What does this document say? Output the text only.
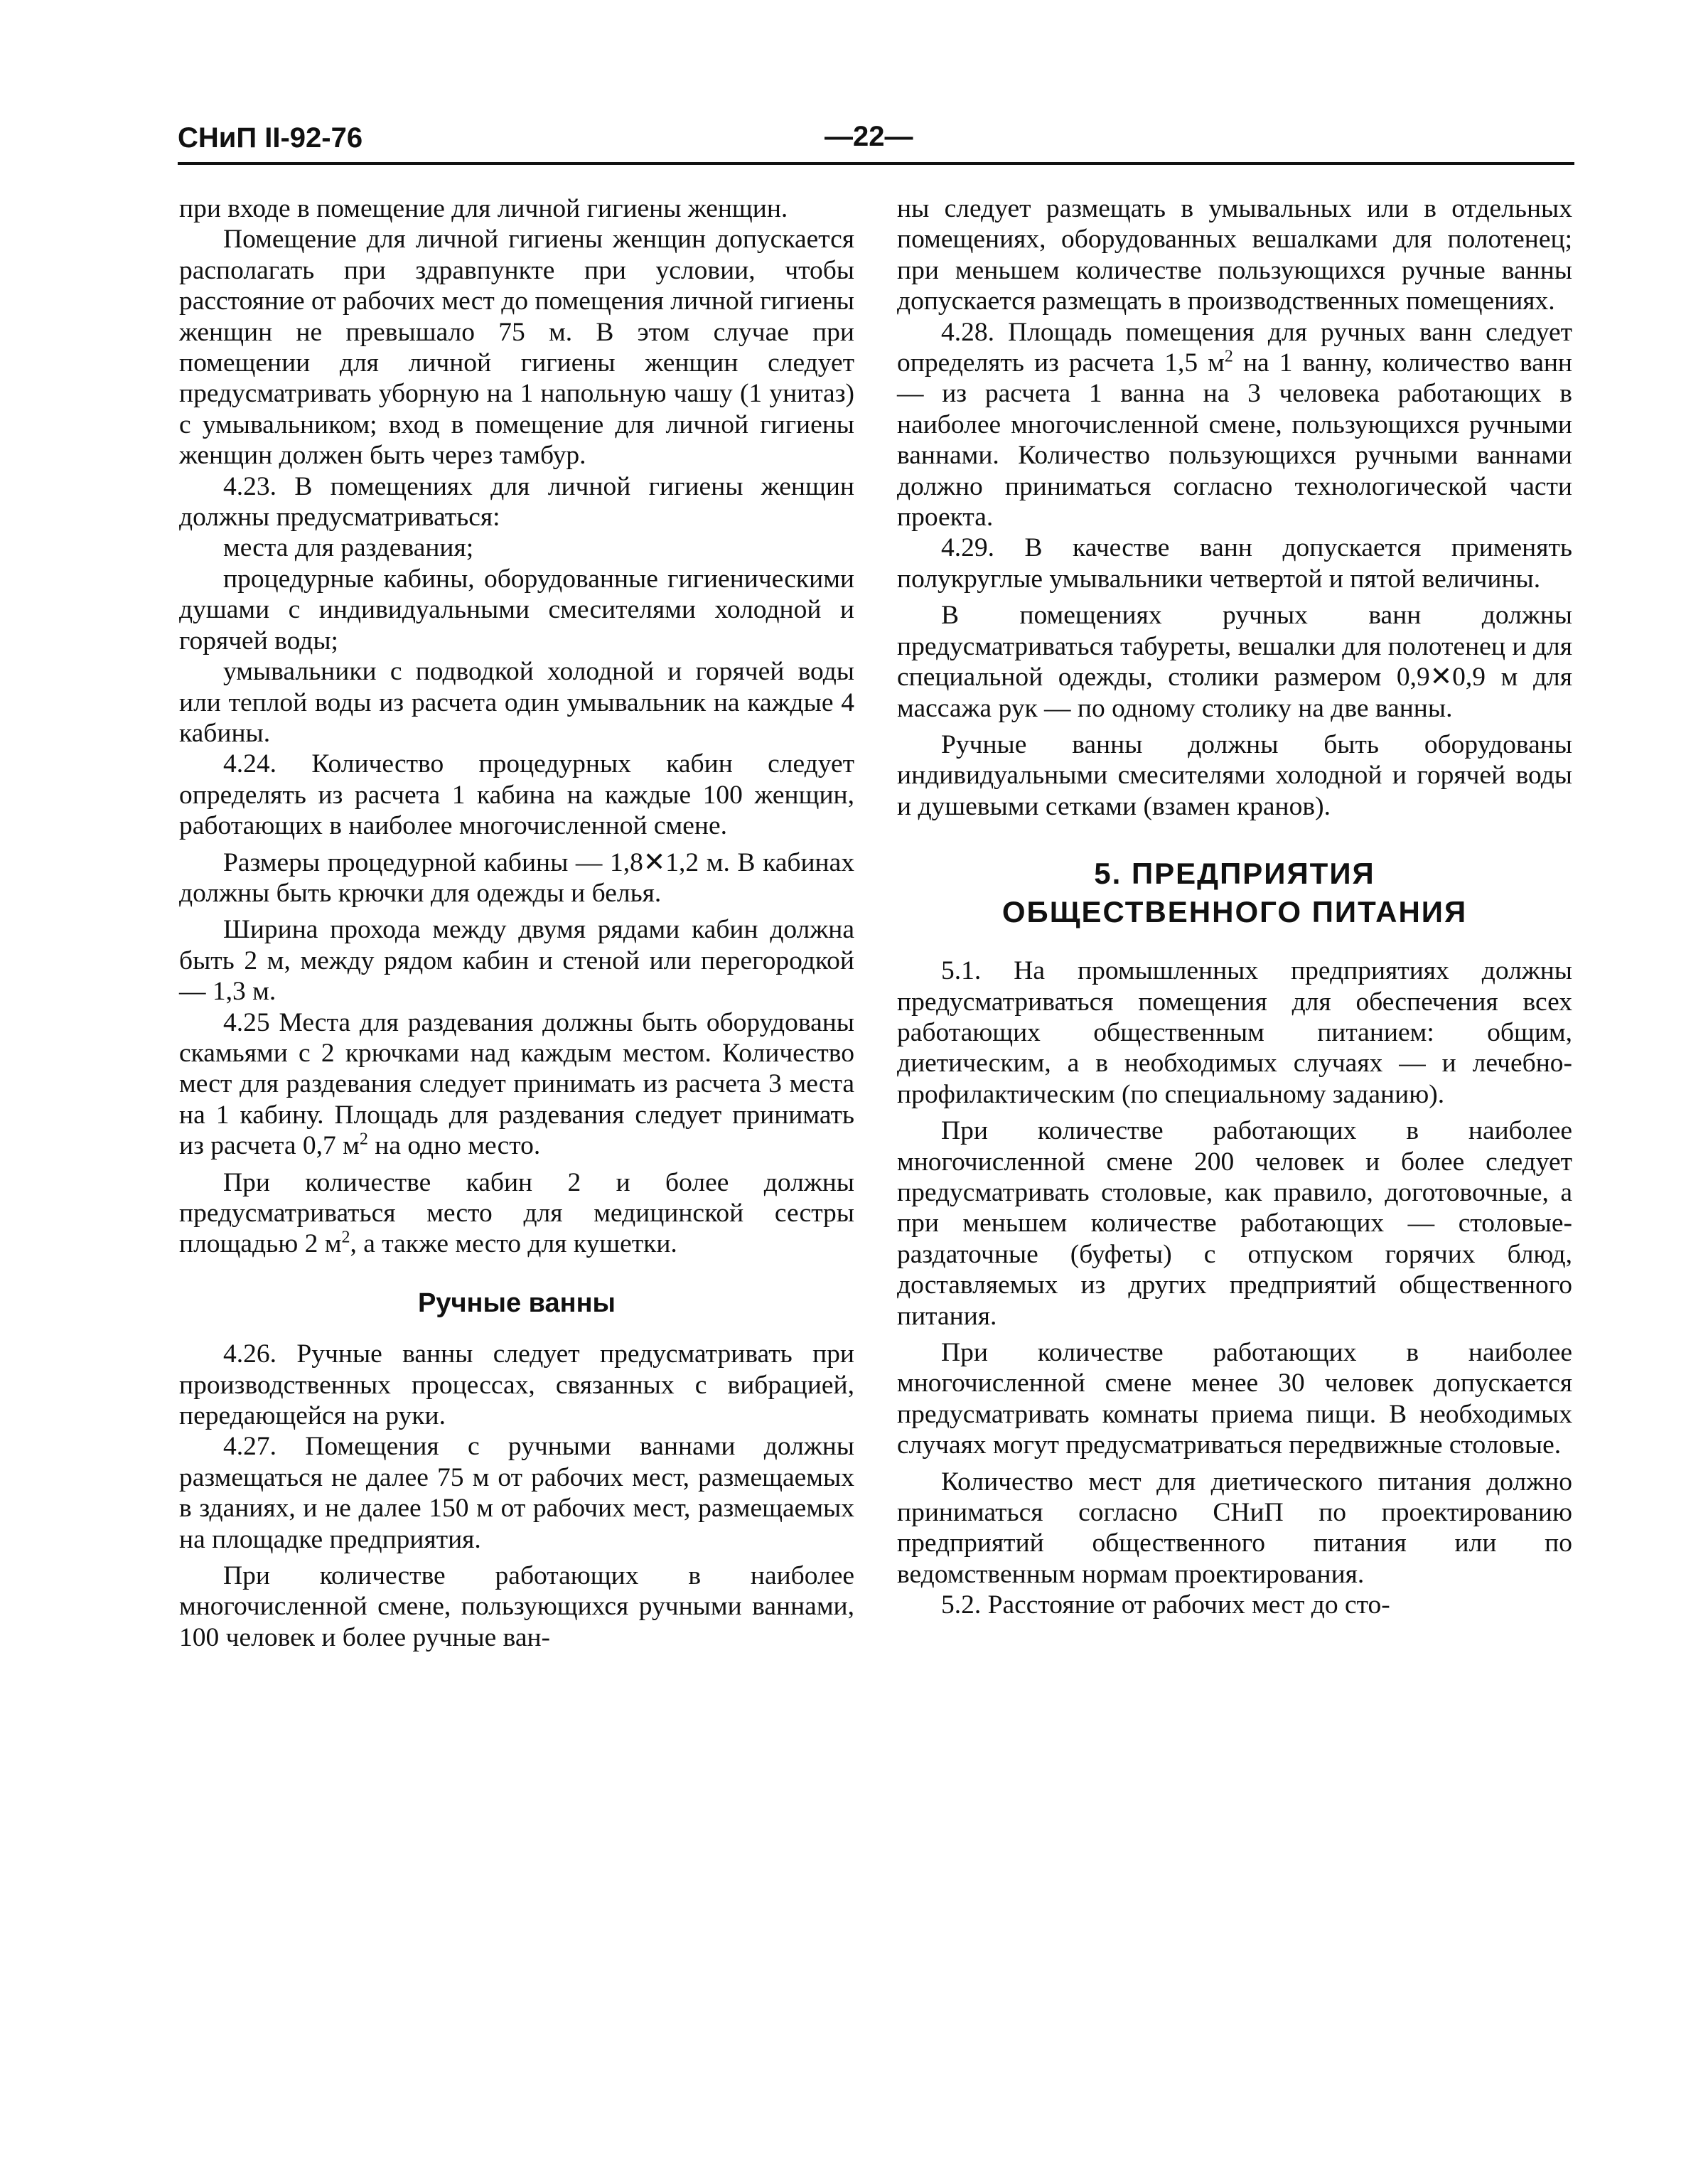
СНиП II-92-76	—22—

при входе в помещение для личной гигиены женщин.

Помещение для личной гигиены женщин допускается располагать при здравпункте при условии, чтобы расстояние от рабочих мест до помещения личной гигиены женщин не превышало 75 м. В этом случае при помещении для личной гигиены женщин следует предусматривать уборную на 1 напольную чашу (1 унитаз) с умывальником; вход в помещение для личной гигиены женщин должен быть через тамбур.

4.23. В помещениях для личной гигиены женщин должны предусматриваться:

места для раздевания;

процедурные кабины, оборудованные гигиеническими душами с индивидуальными смесителями холодной и горячей воды;

умывальники с подводкой холодной и горячей воды или теплой воды из расчета один умывальник на каждые 4 кабины.

4.24. Количество процедурных кабин следует определять из расчета 1 кабина на каждые 100 женщин, работающих в наиболее многочисленной смене.

Размеры процедурной кабины — 1,8✕1,2 м. В кабинах должны быть крючки для одежды и белья.

Ширина прохода между двумя рядами кабин должна быть 2 м, между рядом кабин и стеной или перегородкой — 1,3 м.

4.25 Места для раздевания должны быть оборудованы скамьями с 2 крючками над каждым местом. Количество мест для раздевания следует принимать из расчета 3 места на 1 кабину. Площадь для раздевания следует принимать из расчета 0,7 $м^2$ на одно место.

При количестве кабин 2 и более должны предусматриваться место для медицинской сестры площадью 2 $м^2$, а также место для кушетки.

Ручные ванны

4.26. Ручные ванны следует предусматривать при производственных процессах, связанных с вибрацией, передающейся на руки.

4.27. Помещения с ручными ваннами должны размещаться не далее 75 м от рабочих мест, размещаемых в зданиях, и не далее 150 м от рабочих мест, размещаемых на площадке предприятия.

При количестве работающих в наиболее многочисленной смене, пользующихся ручными ваннами, 100 человек и более ручные ван-

ны следует размещать в умывальных или в отдельных помещениях, оборудованных вешалками для полотенец; при меньшем количестве пользующихся ручные ванны допускается размещать в производственных помещениях.

4.28. Площадь помещения для ручных ванн следует определять из расчета 1,5 $м^2$ на 1 ванну, количество ванн — из расчета 1 ванна на 3 человека работающих в наиболее многочисленной смене, пользующихся ручными ваннами. Количество пользующихся ручными ваннами должно приниматься согласно технологической части проекта.

4.29. В качестве ванн допускается применять полукруглые умывальники четвертой и пятой величины.

В помещениях ручных ванн должны предусматриваться табуреты, вешалки для полотенец и для специальной одежды, столики размером 0,9✕0,9 м для массажа рук — по одному столику на две ванны.

Ручные ванны должны быть оборудованы индивидуальными смесителями холодной и горячей воды и душевыми сетками (взамен кранов).

5. ПРЕДПРИЯТИЯ
ОБЩЕСТВЕННОГО ПИТАНИЯ

5.1. На промышленных предприятиях должны предусматриваться помещения для обеспечения всех работающих общественным питанием: общим, диетическим, а в необходимых случаях — и лечебно-профилактическим (по специальному заданию).

При количестве работающих в наиболее многочисленной смене 200 человек и более следует предусматривать столовые, как правило, доготовочные, а при меньшем количестве работающих — столовые-раздаточные (буфеты) с отпуском горячих блюд, доставляемых из других предприятий общественного питания.

При количестве работающих в наиболее многочисленной смене менее 30 человек допускается предусматривать комнаты приема пищи. В необходимых случаях могут предусматриваться передвижные столовые.

Количество мест для диетического питания должно приниматься согласно СНиП по проектированию предприятий общественного питания или по ведомственным нормам проектирования.

5.2. Расстояние от рабочих мест до сто-
